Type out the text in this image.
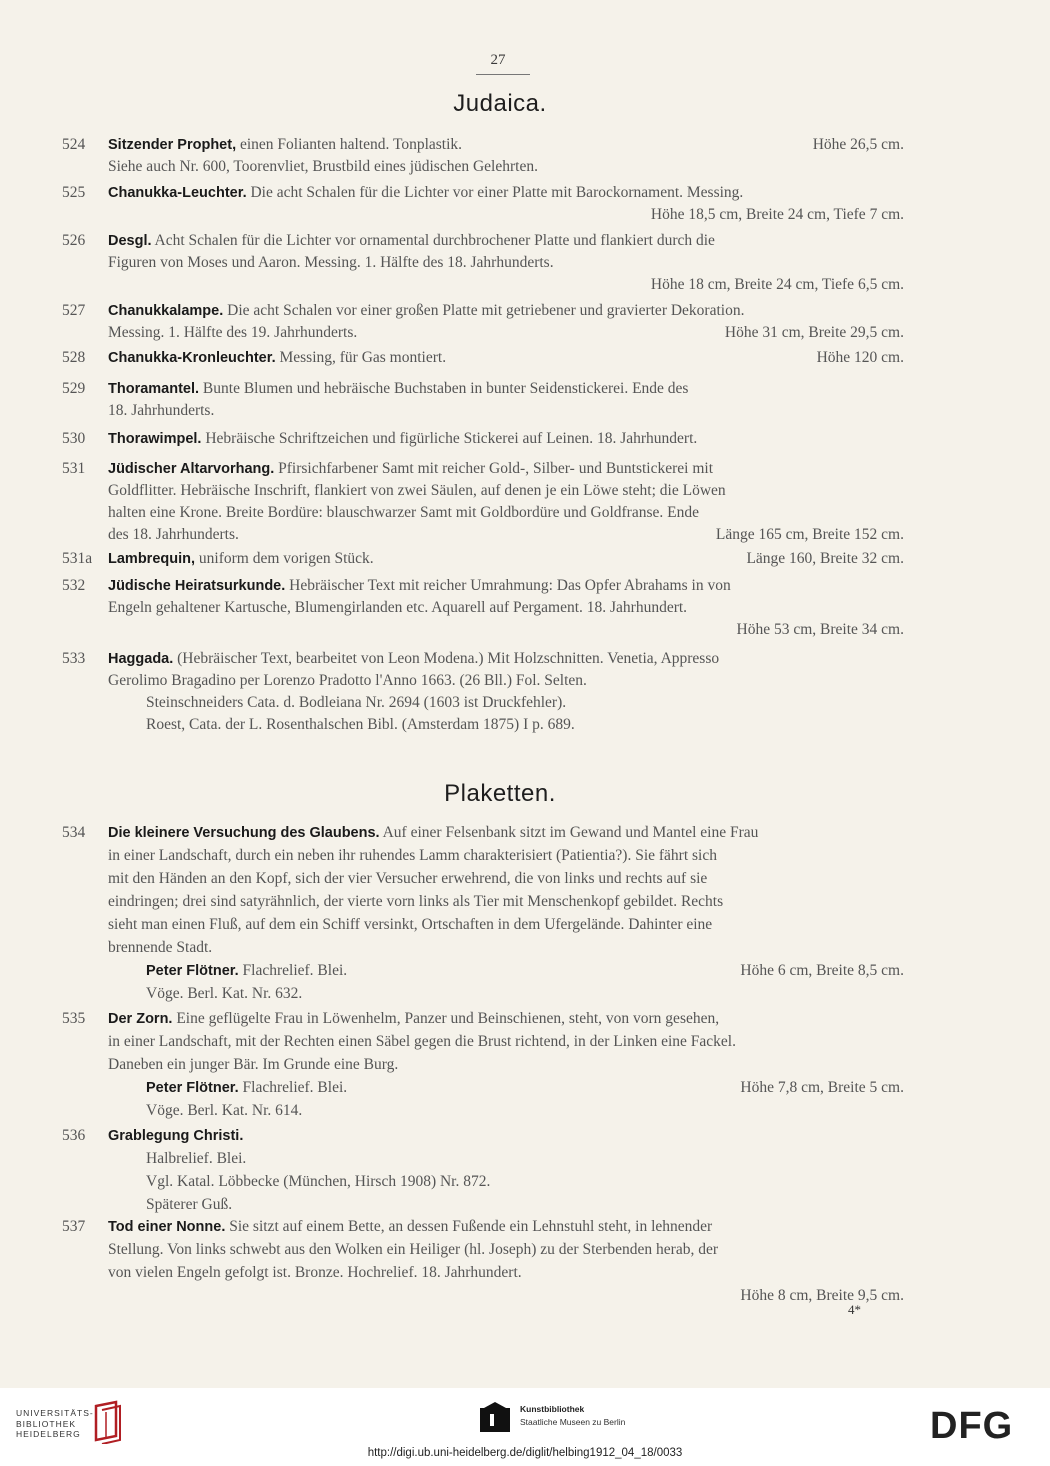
27
Judaica.
524 Sitzender Prophet, einen Folianten haltend. Tonplastik.	Höhe 26,5 cm.
Siehe auch Nr. 600, Toorenvliet, Brustbild eines jüdischen Gelehrten.
525 Chanukka-Leuchter. Die acht Schalen für die Lichter vor einer Platte mit Barockornament. Messing.
Höhe 18,5 cm, Breite 24 cm, Tiefe 7 cm.
526 Desgl. Acht Schalen für die Lichter vor ornamental durchbrochener Platte und flankiert durch die
Figuren von Moses und Aaron. Messing. 1. Hälfte des 18. Jahrhunderts.
Höhe 18 cm, Breite 24 cm, Tiefe 6,5 cm.
527 Chanukkalampe. Die acht Schalen vor einer großen Platte mit getriebener und gravierter Dekoration.
Messing. 1. Hälfte des 19. Jahrhunderts.	Höhe 31 cm, Breite 29,5 cm.
528 Chanukka-Kronleuchter. Messing, für Gas montiert.	Höhe 120 cm.
529 Thoramantel. Bunte Blumen und hebräische Buchstaben in bunter Seidenstickerei. Ende des
18. Jahrhunderts.
530 Thorawimpel. Hebräische Schriftzeichen und figürliche Stickerei auf Leinen. 18. Jahrhundert.
531 Jüdischer Altarvorhang. Pfirsichfarbener Samt mit reicher Gold-, Silber- und Buntstickerei mit
Goldflitter. Hebräische Inschrift, flankiert von zwei Säulen, auf denen je ein Löwe steht; die Löwen
halten eine Krone. Breite Bordüre: blauschwarzer Samt mit Goldbordüre und Goldfranse. Ende
des 18. Jahrhunderts.	Länge 165 cm, Breite 152 cm.
531a Lambrequin, uniform dem vorigen Stück.	Länge 160, Breite 32 cm.
532 Jüdische Heiratsurkunde. Hebräischer Text mit reicher Umrahmung: Das Opfer Abrahams in von
Engeln gehaltener Kartusche, Blumengirlanden etc. Aquarell auf Pergament. 18. Jahrhundert.
Höhe 53 cm, Breite 34 cm.
533 Haggada. (Hebräischer Text, bearbeitet von Leon Modena.) Mit Holzschnitten. Venetia, Appresso
Gerolimo Bragadino per Lorenzo Pradotto l'Anno 1663. (26 Bll.) Fol. Selten.
Steinschneiders Cata. d. Bodleiana Nr. 2694 (1603 ist Druckfehler).
Roest, Cata. der L. Rosenthalschen Bibl. (Amsterdam 1875) I p. 689.
Plaketten.
534 Die kleinere Versuchung des Glaubens. Auf einer Felsenbank sitzt im Gewand und Mantel eine Frau
in einer Landschaft, durch ein neben ihr ruhendes Lamm charakterisiert (Patientia?). Sie fährt sich
mit den Händen an den Kopf, sich der vier Versucher erwehrend, die von links und rechts auf sie
eindringen; drei sind satyrähnlich, der vierte vorn links als Tier mit Menschenkopf gebildet. Rechts
sieht man einen Fluß, auf dem ein Schiff versinkt, Ortschaften in dem Ufergelände. Dahinter eine
brennende Stadt.
Peter Flötner. Flachrelief. Blei.	Höhe 6 cm, Breite 8,5 cm.
Vöge. Berl. Kat. Nr. 632.
535 Der Zorn. Eine geflügelte Frau in Löwenhelm, Panzer und Beinschienen, steht, von vorn gesehen,
in einer Landschaft, mit der Rechten einen Säbel gegen die Brust richtend, in der Linken eine Fackel.
Daneben ein junger Bär. Im Grunde eine Burg.
Peter Flötner. Flachrelief. Blei.	Höhe 7,8 cm, Breite 5 cm.
Vöge. Berl. Kat. Nr. 614.
536 Grablegung Christi.
Halbrelief. Blei.
Vgl. Katal. Löbbecke (München, Hirsch 1908) Nr. 872.
Späterer Guß.
537 Tod einer Nonne. Sie sitzt auf einem Bette, an dessen Fußende ein Lehnstuhl steht, in lehnender
Stellung. Von links schwebt aus den Wolken ein Heiliger (hl. Joseph) zu der Sterbenden herab, der
von vielen Engeln gefolgt ist. Bronze. Hochrelief. 18. Jahrhundert.
Höhe 8 cm, Breite 9,5 cm.
4*
UNIVERSITÄTS-
BIBLIOTHEK
HEIDELBERG
Kunstbibliothek
Staatliche Museen zu Berlin	DFG
http://digi.ub.uni-heidelberg.de/diglit/helbing1912_04_18/0033
